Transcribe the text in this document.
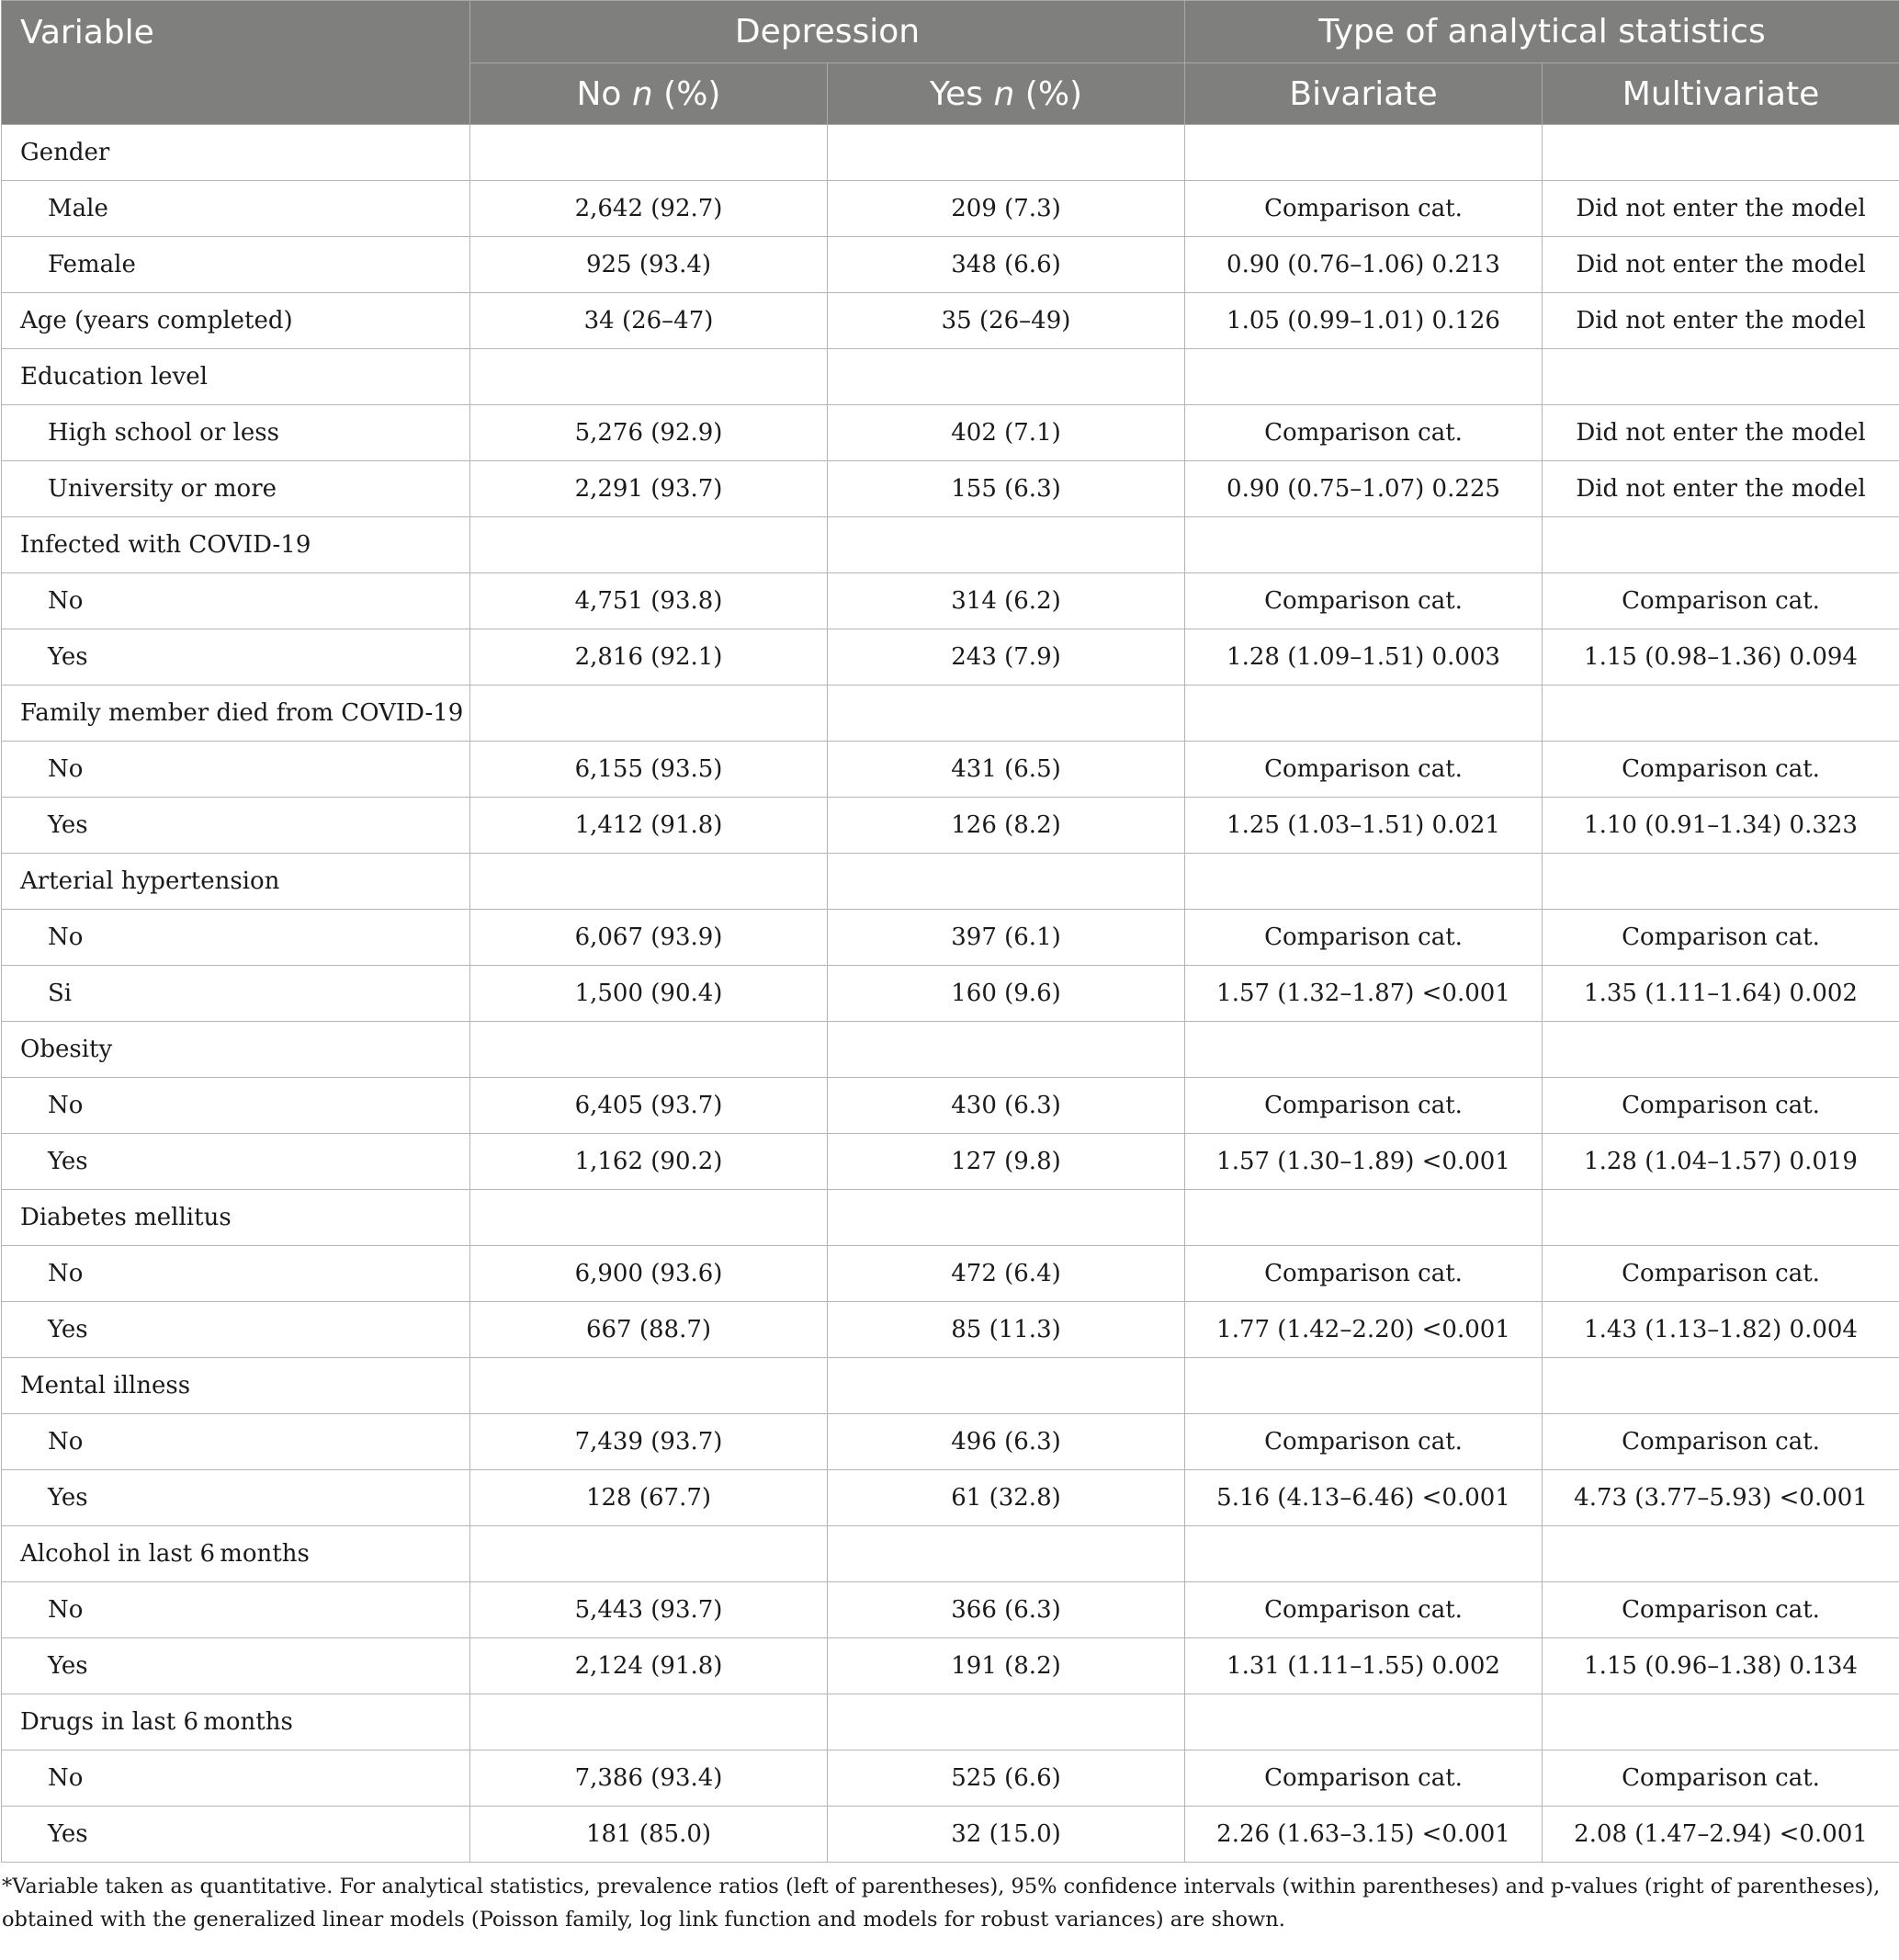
Variable	Depression		Type of analytical statistics	
	No n (%)	Yes n (%)	Bivariate	Multivariate
Gender				
Male	2,642 (92.7)	209 (7.3)	Comparison cat.	Did not enter the model
Female	925 (93.4)	348 (6.6)	0.90 (0.76–1.06) 0.213	Did not enter the model
Age (years completed)	34 (26–47)	35 (26–49)	1.05 (0.99–1.01) 0.126	Did not enter the model
Education level				
High school or less	5,276 (92.9)	402 (7.1)	Comparison cat.	Did not enter the model
University or more	2,291 (93.7)	155 (6.3)	0.90 (0.75–1.07) 0.225	Did not enter the model
Infected with COVID-19				
No	4,751 (93.8)	314 (6.2)	Comparison cat.	Comparison cat.
Yes	2,816 (92.1)	243 (7.9)	1.28 (1.09–1.51) 0.003	1.15 (0.98–1.36) 0.094
Family member died from COVID-19				
No	6,155 (93.5)	431 (6.5)	Comparison cat.	Comparison cat.
Yes	1,412 (91.8)	126 (8.2)	1.25 (1.03–1.51) 0.021	1.10 (0.91–1.34) 0.323
Arterial hypertension				
No	6,067 (93.9)	397 (6.1)	Comparison cat.	Comparison cat.
Si	1,500 (90.4)	160 (9.6)	1.57 (1.32–1.87) <0.001	1.35 (1.11–1.64) 0.002
Obesity				
No	6,405 (93.7)	430 (6.3)	Comparison cat.	Comparison cat.
Yes	1,162 (90.2)	127 (9.8)	1.57 (1.30–1.89) <0.001	1.28 (1.04–1.57) 0.019
Diabetes mellitus				
No	6,900 (93.6)	472 (6.4)	Comparison cat.	Comparison cat.
Yes	667 (88.7)	85 (11.3)	1.77 (1.42–2.20) <0.001	1.43 (1.13–1.82) 0.004
Mental illness				
No	7,439 (93.7)	496 (6.3)	Comparison cat.	Comparison cat.
Yes	128 (67.7)	61 (32.8)	5.16 (4.13–6.46) <0.001	4.73 (3.77–5.93) <0.001
Alcohol in last 6 months				
No	5,443 (93.7)	366 (6.3)	Comparison cat.	Comparison cat.
Yes	2,124 (91.8)	191 (8.2)	1.31 (1.11–1.55) 0.002	1.15 (0.96–1.38) 0.134
Drugs in last 6 months				
No	7,386 (93.4)	525 (6.6)	Comparison cat.	Comparison cat.
Yes	181 (85.0)	32 (15.0)	2.26 (1.63–3.15) <0.001	2.08 (1.47–2.94) <0.001
*Variable taken as quantitative. For analytical statistics, prevalence ratios (left of parentheses), 95% confidence intervals (within parentheses) and p-values (right of parentheses), obtained with the generalized linear models (Poisson family, log link function and models for robust variances) are shown.
